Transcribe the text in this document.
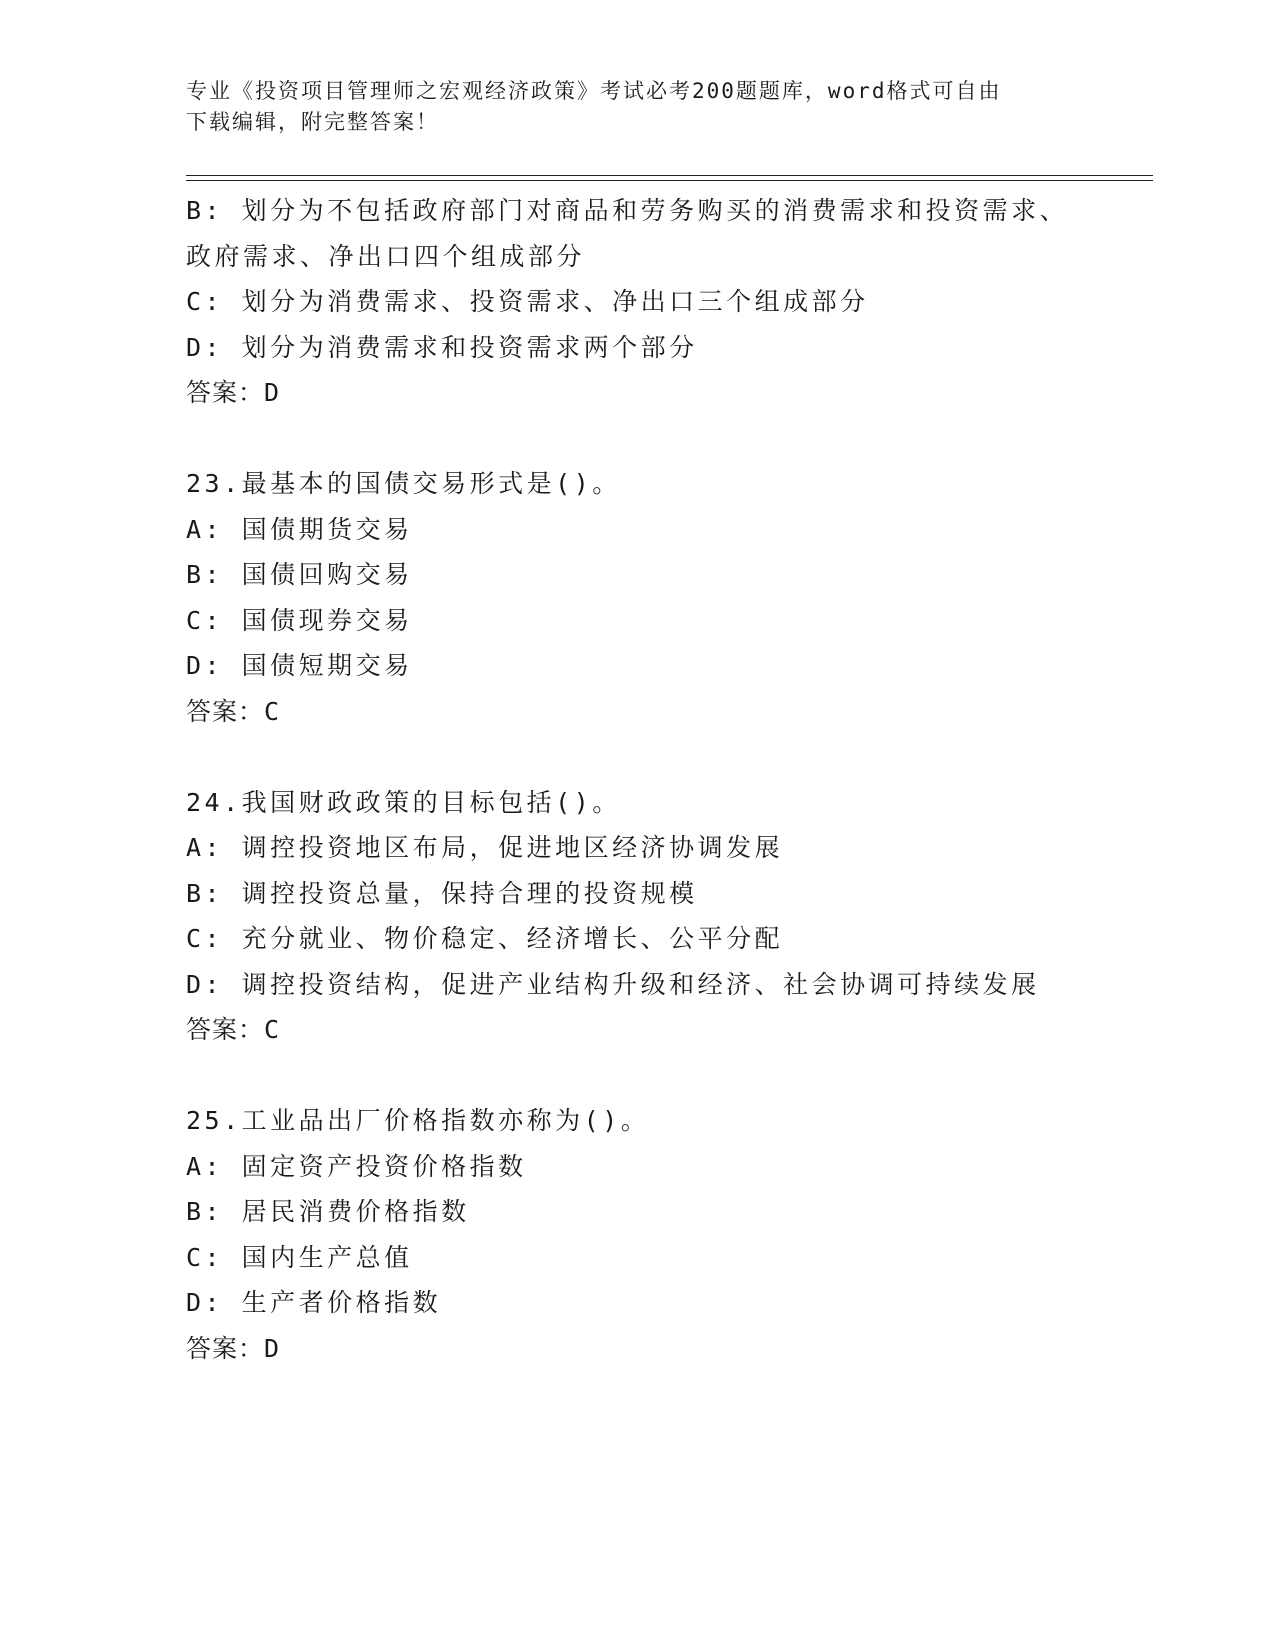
专业《投资项目管理师之宏观经济政策》考试必考200题题库，word格式可自由
下载编辑，附完整答案！
B: 划分为不包括政府部门对商品和劳务购买的消费需求和投资需求、
政府需求、净出口四个组成部分
C: 划分为消费需求、投资需求、净出口三个组成部分
D: 划分为消费需求和投资需求两个部分
答案：D
23.最基本的国债交易形式是()。
A: 国债期货交易
B: 国债回购交易
C: 国债现券交易
D: 国债短期交易
答案：C
24.我国财政政策的目标包括()。
A: 调控投资地区布局，促进地区经济协调发展
B: 调控投资总量，保持合理的投资规模
C: 充分就业、物价稳定、经济增长、公平分配
D: 调控投资结构，促进产业结构升级和经济、社会协调可持续发展
答案：C
25.工业品出厂价格指数亦称为()。
A: 固定资产投资价格指数
B: 居民消费价格指数
C: 国内生产总值
D: 生产者价格指数
答案：D
